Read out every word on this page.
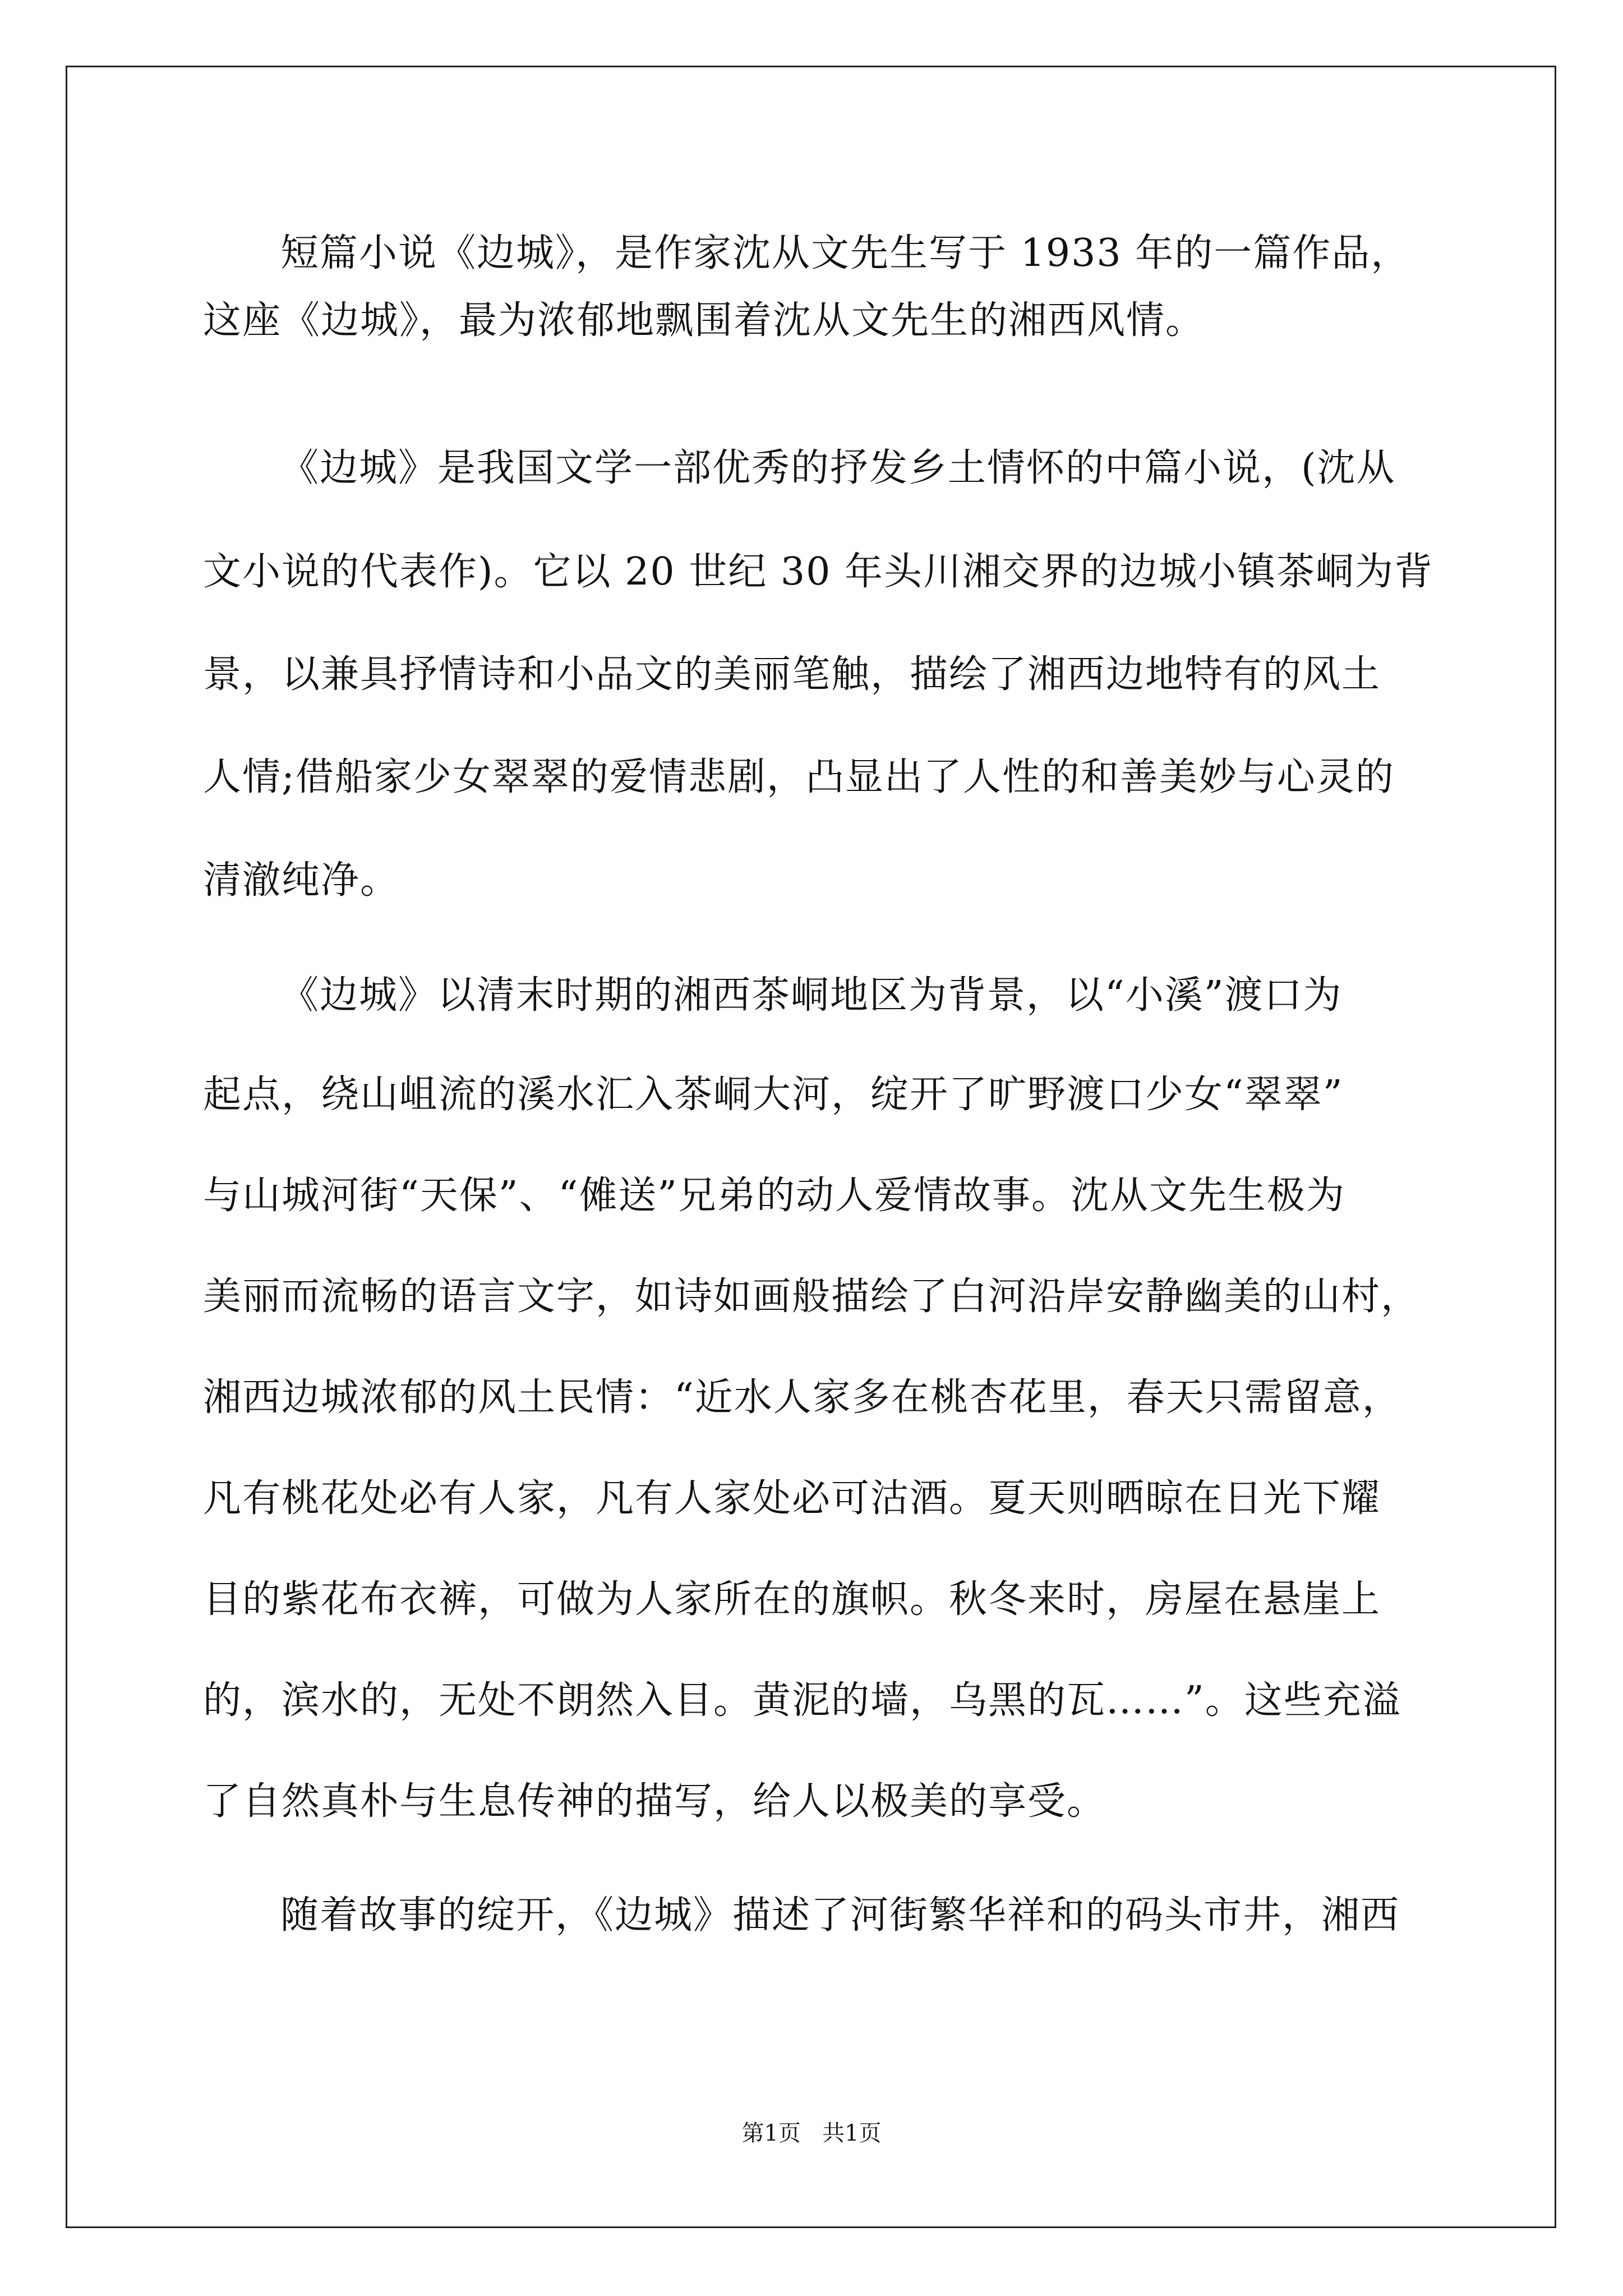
短篇小说《边城》，是作家沈从文先生写于 1933 年的一篇作品，
这座《边城》，最为浓郁地飘围着沈从文先生的湘西风情。
《边城》是我国文学一部优秀的抒发乡土情怀的中篇小说，(沈从
文小说的代表作)。它以 20 世纪 30 年头川湘交界的边城小镇茶峒为背
景，以兼具抒情诗和小品文的美丽笔触，描绘了湘西边地特有的风土
人情;借船家少女翠翠的爱情悲剧，凸显出了人性的和善美妙与心灵的
清澈纯净。
《边城》以清末时期的湘西茶峒地区为背景，以“小溪”渡口为
起点，绕山岨流的溪水汇入茶峒大河，绽开了旷野渡口少女“翠翠”
与山城河街“天保”、“傩送”兄弟的动人爱情故事。沈从文先生极为
美丽而流畅的语言文字，如诗如画般描绘了白河沿岸安静幽美的山村，
湘西边城浓郁的风土民情：“近水人家多在桃杏花里，春天只需留意，
凡有桃花处必有人家，凡有人家处必可沽酒。夏天则晒晾在日光下耀
目的紫花布衣裤，可做为人家所在的旗帜。秋冬来时，房屋在悬崖上
的，滨水的，无处不朗然入目。黄泥的墙，乌黑的瓦……”。这些充溢
了自然真朴与生息传神的描写，给人以极美的享受。
随着故事的绽开，《边城》描述了河街繁华祥和的码头市井，湘西
第1页   共1页
